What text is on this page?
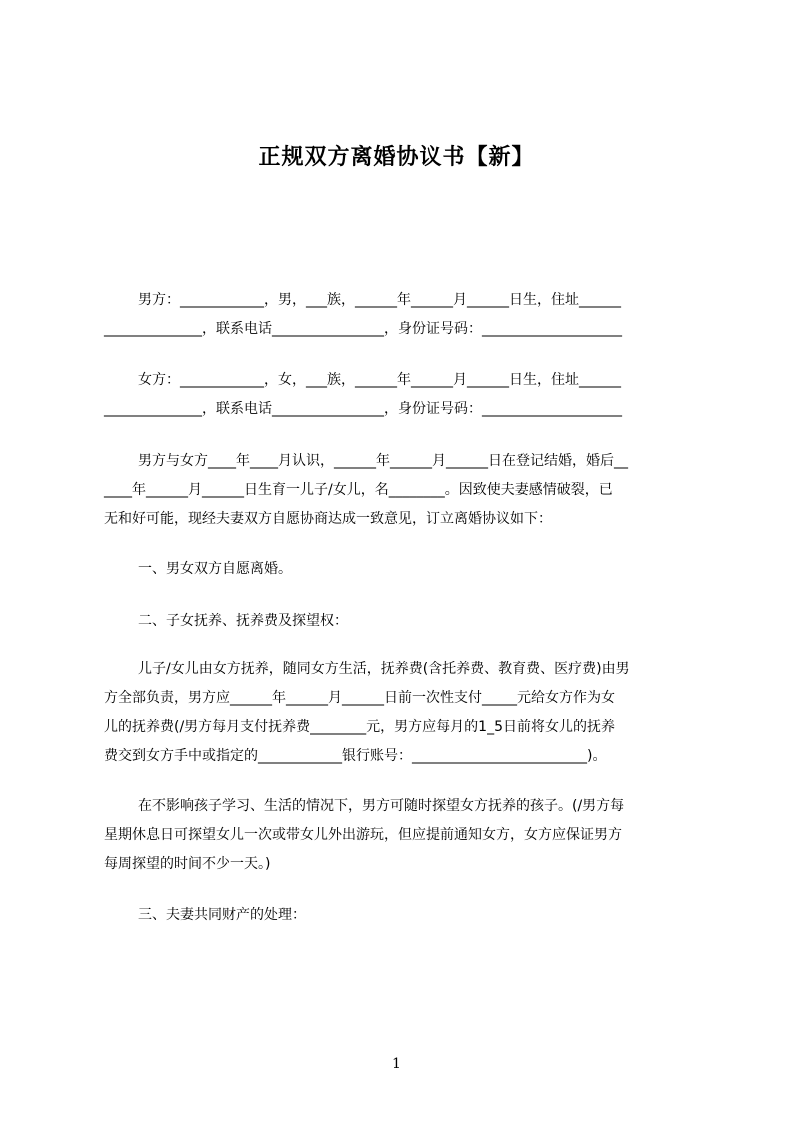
正规双方离婚协议书【新】
男方：____________，男，___族，______年______月______日生，住址______
______________，联系电话________________，身份证号码：____________________
女方：____________，女，___族，______年______月______日生，住址______
______________，联系电话________________，身份证号码：____________________
男方与女方____年____月认识，______年______月______日在登记结婚，婚后__
____年______月______日生育一儿子/女儿，名________。因致使夫妻感情破裂，已
无和好可能，现经夫妻双方自愿协商达成一致意见，订立离婚协议如下：
一、男女双方自愿离婚。
二、子女抚养、抚养费及探望权：
儿子/女儿由女方抚养，随同女方生活，抚养费(含托养费、教育费、医疗费)由男
方全部负责，男方应______年______月______日前一次性支付_____元给女方作为女
儿的抚养费(/男方每月支付抚养费________元，男方应每月的1_5日前将女儿的抚养
费交到女方手中或指定的____________银行账号：_________________________)。
在不影响孩子学习、生活的情况下，男方可随时探望女方抚养的孩子。(/男方每
星期休息日可探望女儿一次或带女儿外出游玩，但应提前通知女方，女方应保证男方
每周探望的时间不少一天。)
三、夫妻共同财产的处理：
1
